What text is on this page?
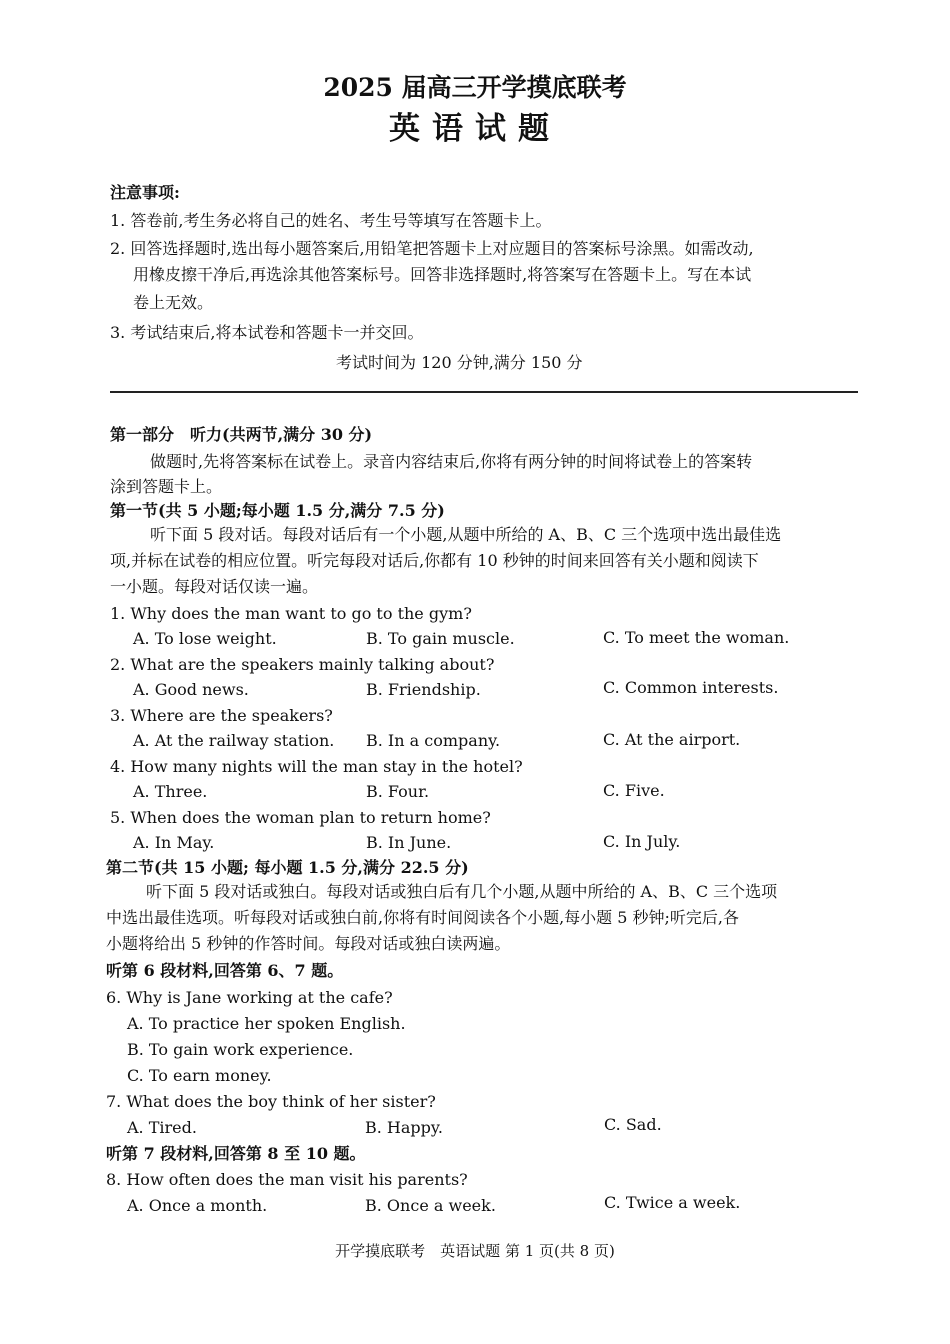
2025 届高三开学摸底联考
英语试题
注意事项:
1. 答卷前,考生务必将自己的姓名、考生号等填写在答题卡上。
2. 回答选择题时,选出每小题答案后,用铅笔把答题卡上对应题目的答案标号涂黑。如需改动,
用橡皮擦干净后,再选涂其他答案标号。回答非选择题时,将答案写在答题卡上。写在本试
卷上无效。
3. 考试结束后,将本试卷和答题卡一并交回。
考试时间为 120 分钟,满分 150 分
第一部分　听力(共两节,满分 30 分)
做题时,先将答案标在试卷上。录音内容结束后,你将有两分钟的时间将试卷上的答案转
涂到答题卡上。
第一节(共 5 小题;每小题 1.5 分,满分 7.5 分)
听下面 5 段对话。每段对话后有一个小题,从题中所给的 A、B、C 三个选项中选出最佳选
项,并标在试卷的相应位置。听完每段对话后,你都有 10 秒钟的时间来回答有关小题和阅读下
一小题。每段对话仅读一遍。
1. Why does the man want to go to the gym?
A. To lose weight.	B. To gain muscle.	C. To meet the woman.
2. What are the speakers mainly talking about?
A. Good news.	B. Friendship.	C. Common interests.
3. Where are the speakers?
A. At the railway station. B. In a company.	C. At the airport.
4. How many nights will the man stay in the hotel?
A. Three.	B. Four.	C. Five.
5. When does the woman plan to return home?
A. In May.	B. In June.	C. In July.
第二节(共 15 小题; 每小题 1.5 分,满分 22.5 分)
听下面 5 段对话或独白。每段对话或独白后有几个小题,从题中所给的 A、B、C 三个选项
中选出最佳选项。听每段对话或独白前,你将有时间阅读各个小题,每小题 5 秒钟;听完后,各
小题将给出 5 秒钟的作答时间。每段对话或独白读两遍。
听第 6 段材料,回答第 6、7 题。
6. Why is Jane working at the cafe?
A. To practice her spoken English.
B. To gain work experience.
C. To earn money.
7. What does the boy think of her sister?
A. Tired.	B. Happy.	C. Sad.
听第 7 段材料,回答第 8 至 10 题。
8. How often does the man visit his parents?
A. Once a month.	B. Once a week.	C. Twice a week.
开学摸底联考　英语试题 第 1 页(共 8 页)
